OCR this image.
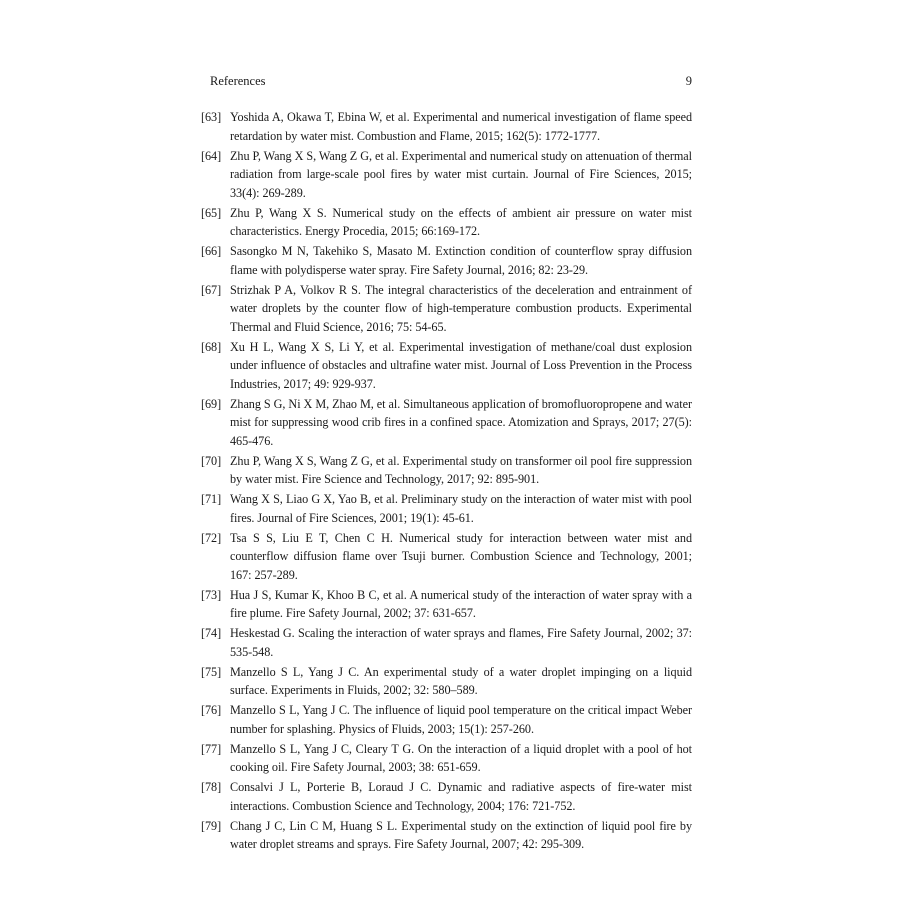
References	9
[63] Yoshida A, Okawa T, Ebina W, et al. Experimental and numerical investigation of flame speed retardation by water mist. Combustion and Flame, 2015; 162(5): 1772-1777.
[64] Zhu P, Wang X S, Wang Z G, et al. Experimental and numerical study on attenuation of thermal radiation from large-scale pool fires by water mist curtain. Journal of Fire Sciences, 2015; 33(4): 269-289.
[65] Zhu P, Wang X S. Numerical study on the effects of ambient air pressure on water mist characteristics. Energy Procedia, 2015; 66:169-172.
[66] Sasongko M N, Takehiko S, Masato M. Extinction condition of counterflow spray diffusion flame with polydisperse water spray. Fire Safety Journal, 2016; 82: 23-29.
[67] Strizhak P A, Volkov R S. The integral characteristics of the deceleration and entrainment of water droplets by the counter flow of high-temperature combustion products. Experimental Thermal and Fluid Science, 2016; 75: 54-65.
[68] Xu H L, Wang X S, Li Y, et al. Experimental investigation of methane/coal dust explosion under influence of obstacles and ultrafine water mist. Journal of Loss Prevention in the Process Industries, 2017; 49: 929-937.
[69] Zhang S G, Ni X M, Zhao M, et al. Simultaneous application of bromofluoropropene and water mist for suppressing wood crib fires in a confined space. Atomization and Sprays, 2017; 27(5): 465-476.
[70] Zhu P, Wang X S, Wang Z G, et al. Experimental study on transformer oil pool fire suppression by water mist. Fire Science and Technology, 2017; 92: 895-901.
[71] Wang X S, Liao G X, Yao B, et al. Preliminary study on the interaction of water mist with pool fires. Journal of Fire Sciences, 2001; 19(1): 45-61.
[72] Tsa S S, Liu E T, Chen C H. Numerical study for interaction between water mist and counterflow diffusion flame over Tsuji burner. Combustion Science and Technology, 2001; 167: 257-289.
[73] Hua J S, Kumar K, Khoo B C, et al. A numerical study of the interaction of water spray with a fire plume. Fire Safety Journal, 2002; 37: 631-657.
[74] Heskestad G. Scaling the interaction of water sprays and flames, Fire Safety Journal, 2002; 37: 535-548.
[75] Manzello S L, Yang J C. An experimental study of a water droplet impinging on a liquid surface. Experiments in Fluids, 2002; 32: 580–589.
[76] Manzello S L, Yang J C. The influence of liquid pool temperature on the critical impact Weber number for splashing. Physics of Fluids, 2003; 15(1): 257-260.
[77] Manzello S L, Yang J C, Cleary T G. On the interaction of a liquid droplet with a pool of hot cooking oil. Fire Safety Journal, 2003; 38: 651-659.
[78] Consalvi J L, Porterie B, Loraud J C. Dynamic and radiative aspects of fire-water mist interactions. Combustion Science and Technology, 2004; 176: 721-752.
[79] Chang J C, Lin C M, Huang S L. Experimental study on the extinction of liquid pool fire by water droplet streams and sprays. Fire Safety Journal, 2007; 42: 295-309.
